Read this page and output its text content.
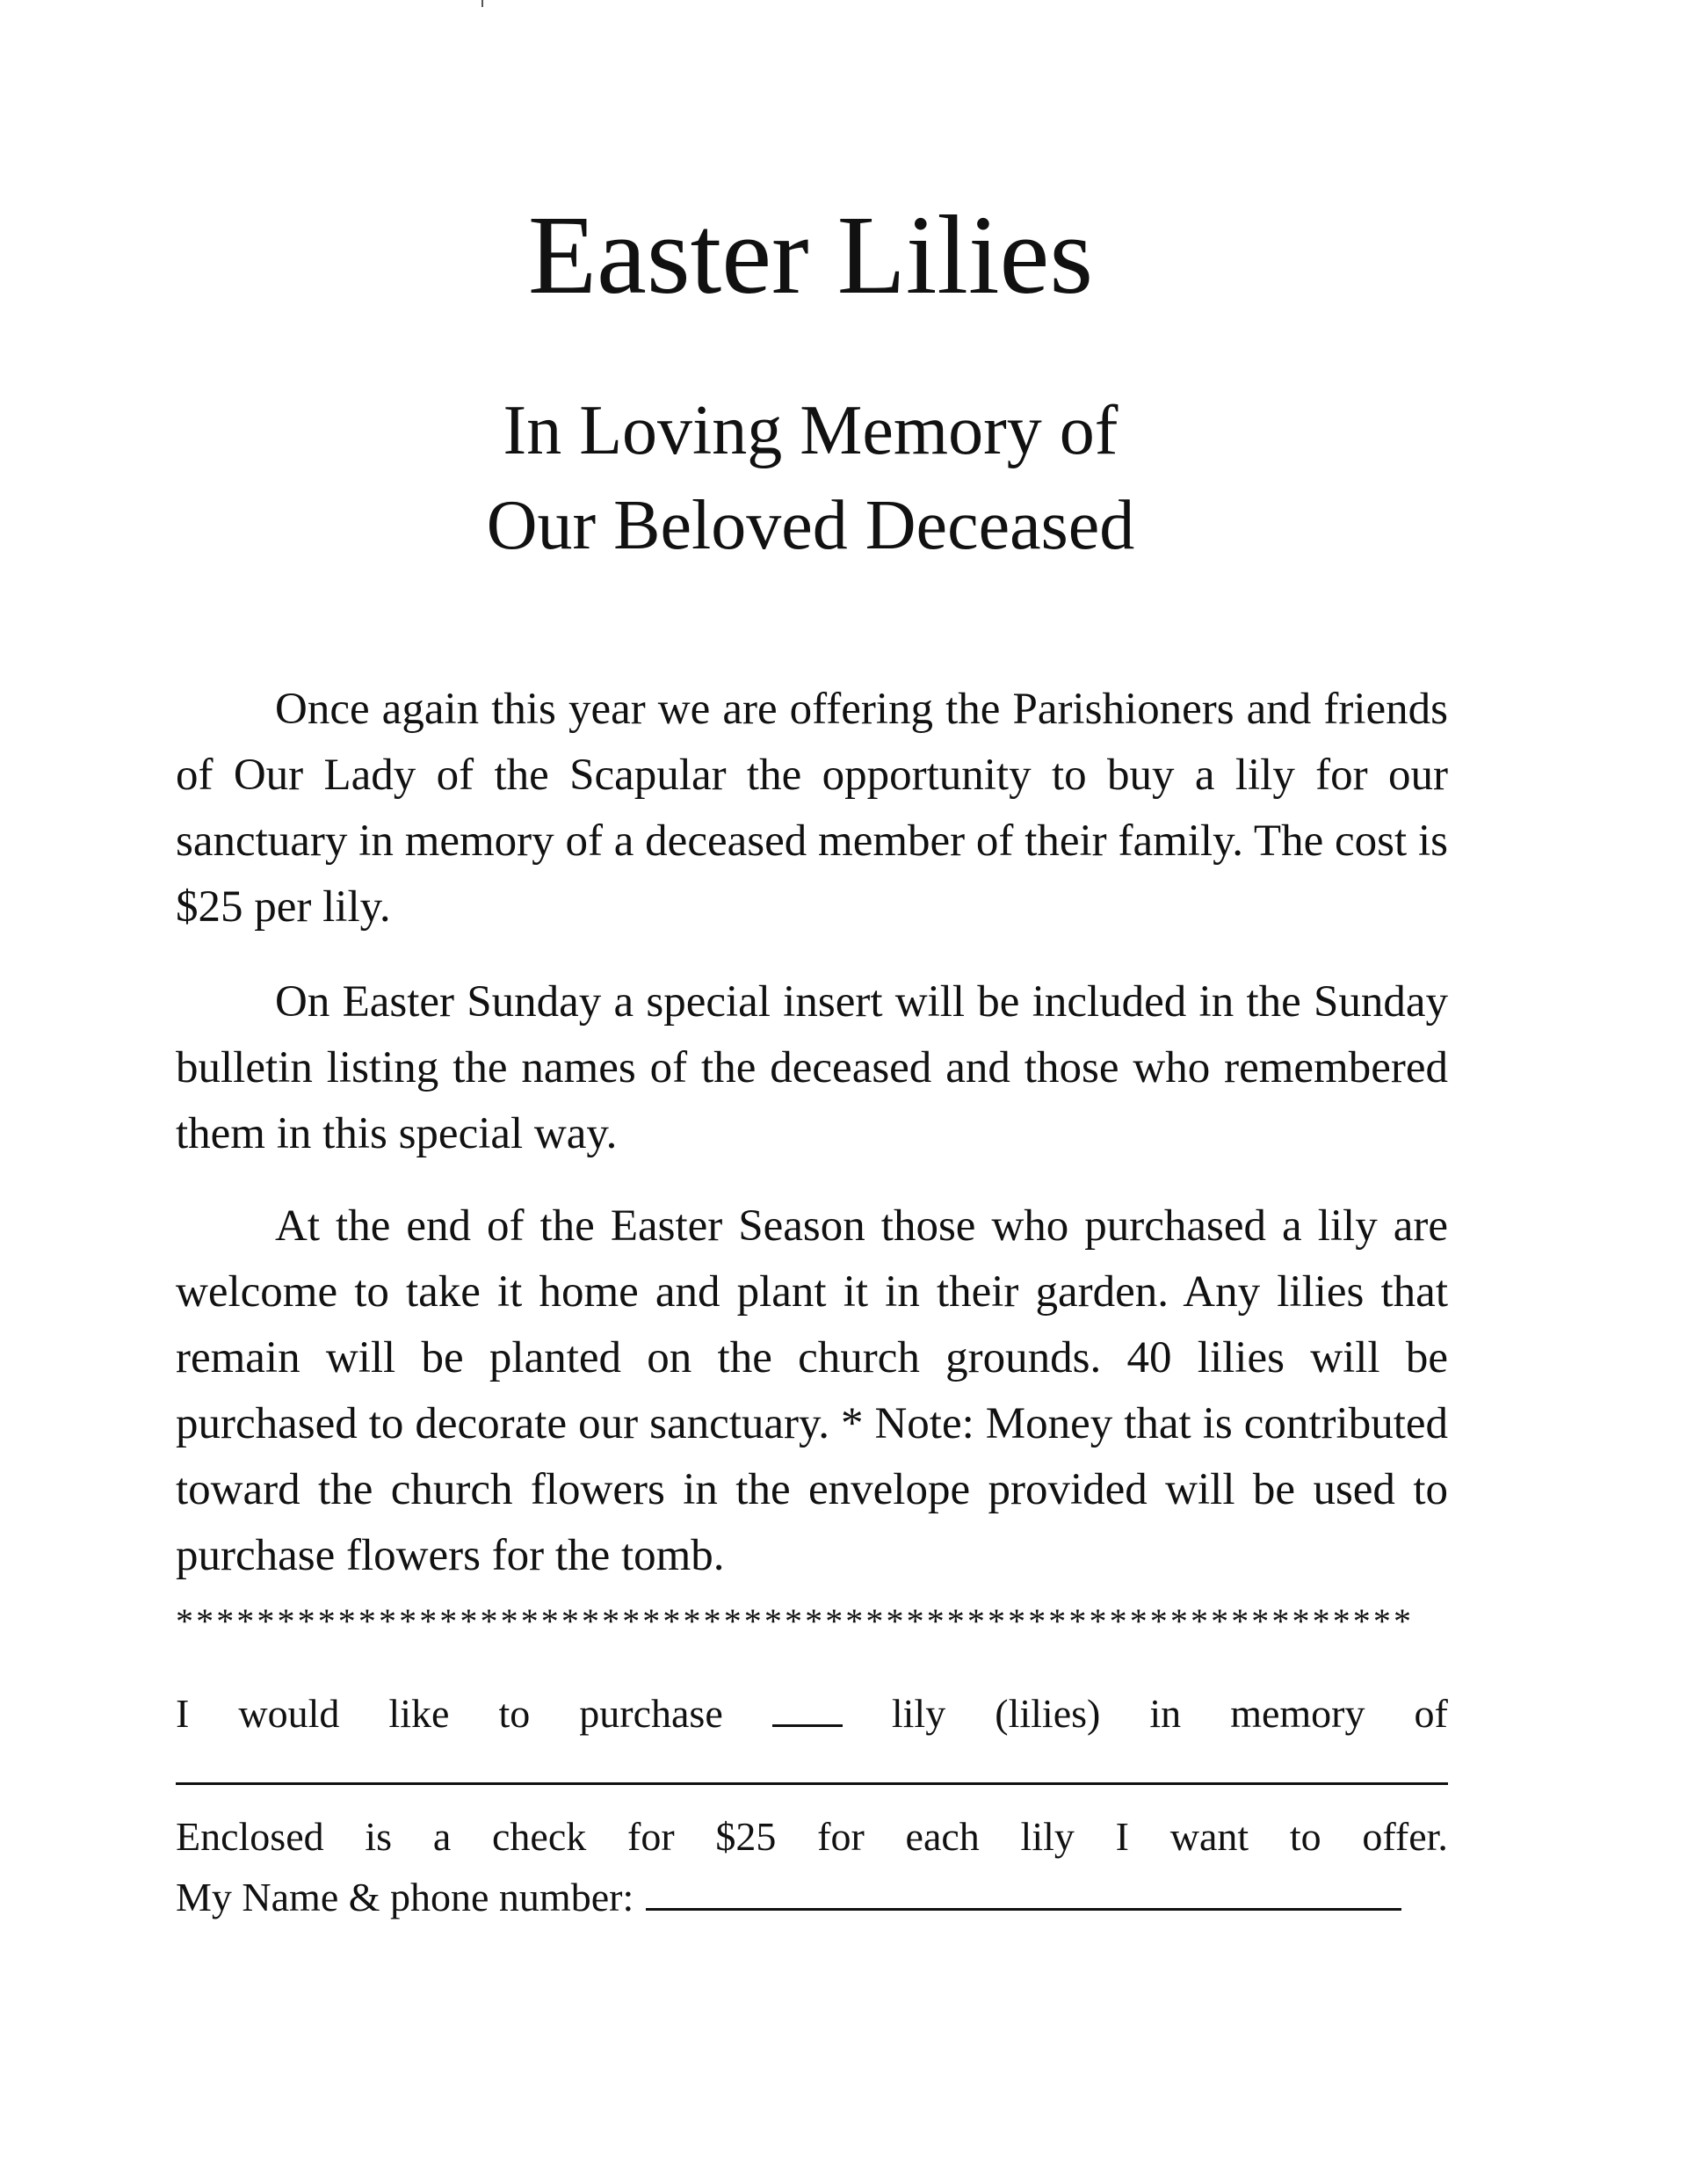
Easter Lilies
In Loving Memory of
Our Beloved Deceased

Once again this year we are offering the Parishioners and friends of Our Lady of the Scapular the opportunity to buy a lily for our sanctuary in memory of a deceased member of their family. The cost is $25 per lily.

On Easter Sunday a special insert will be included in the Sunday bulletin listing the names of the deceased and those who remembered them in this special way.

At the end of the Easter Season those who purchased a lily are welcome to take it home and plant it in their garden. Any lilies that remain will be planted on the church grounds. 40 lilies will be purchased to decorate our sanctuary. * Note: Money that is contributed toward the church flowers in the envelope provided will be used to purchase flowers for the tomb.

*************************************************************
I would like to purchase	lily (lilies) in memory of
Enclosed is a check for $25 for each lily I want to offer.
My Name & phone number:
